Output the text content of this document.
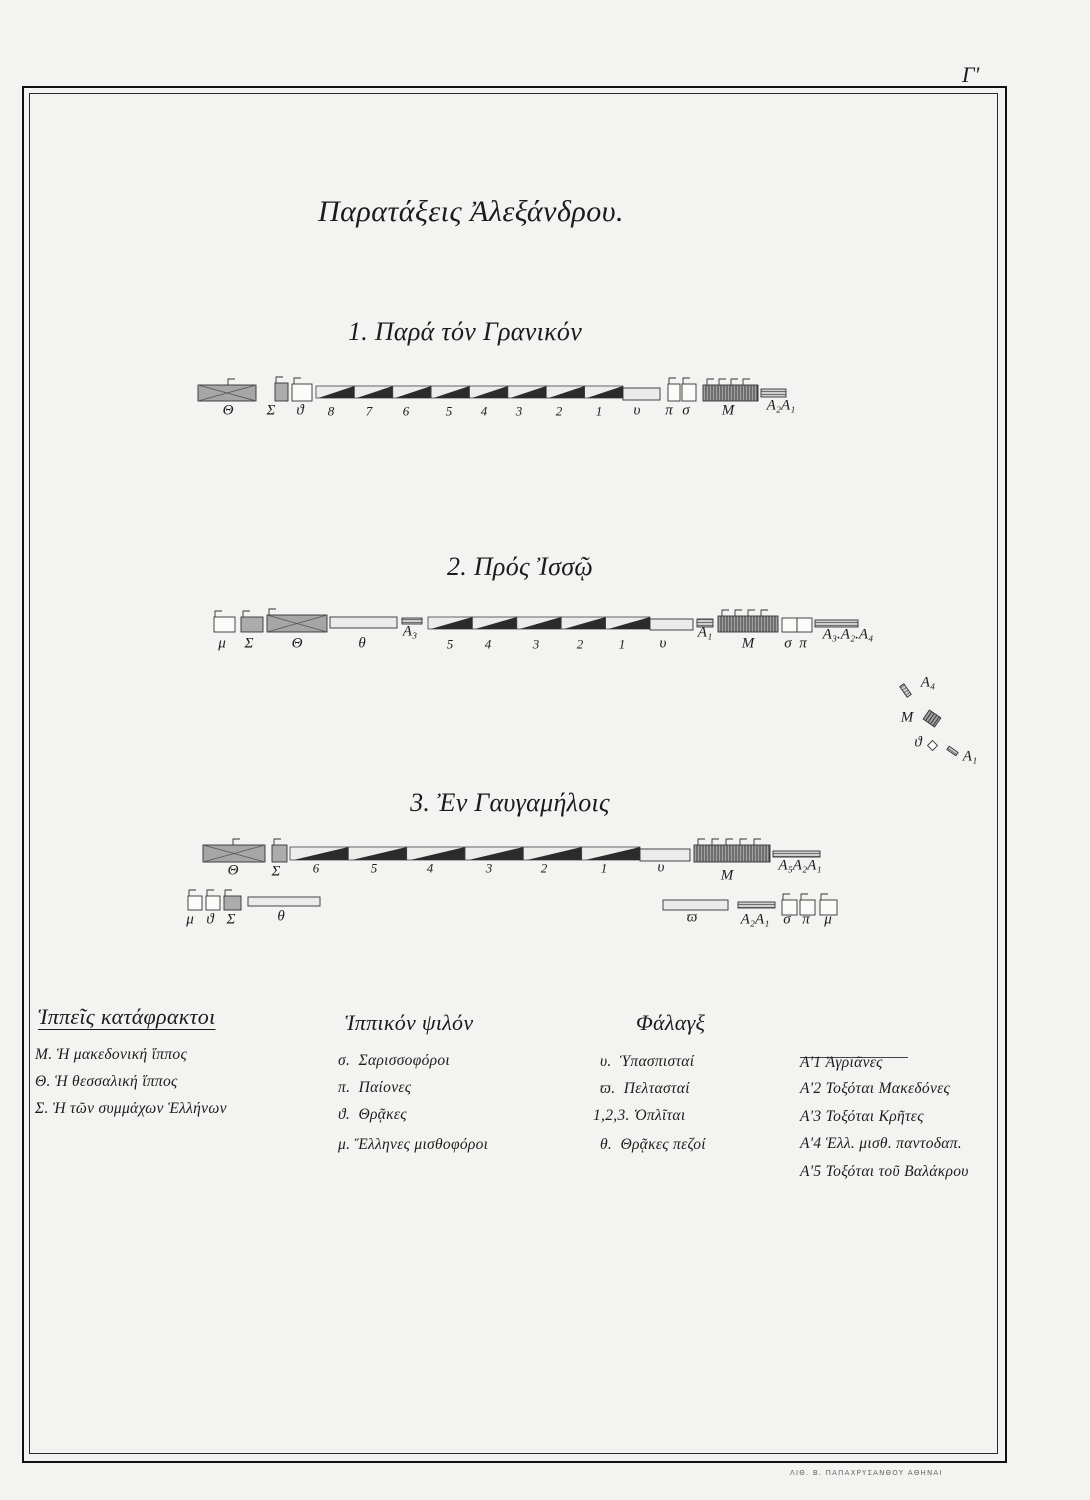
Γ'
Παρατάξεις Ἀλεξάνδρου.
1. Παρά τόν Γρανικόν
2. Πρός Ἰσσῷ
3. Ἐν Γαυγαμήλοις
Θ Σ ϑ 8 7 6	5 4 3	2	1 υ π σ Μ Α₂Α₁
μ Σ	Θ	θ
Α₃
5 4	3	2	1 υ
Α₁
Μ σ π
Α₃.Α₂.Α₄
Α₄
Μ
ϑ
Α₁
Θ Σ 6	5	4	3	2	1	υ	Μ
Α₅Α₂Α₁
μ ϑ Σ	θ	ϖ	Α₂Α₁ σ π μ
Ἱππεῖς κατάφρακτοι
Μ. Ἡ μακεδονική ἵππος
Θ. Ἡ θεσσαλική ἵππος
Σ. Ἡ τῶν συμμάχων Ἑλλήνων
Ἱππικόν ψιλόν
σ. Σαρισσοφόροι
π. Παίονες
ϑ. Θρᾷκες
μ. Ἕλληνες μισθοφόροι
Φάλαγξ
υ. Ὑπασπισταί
ϖ. Πελτασταί
1,2,3. Ὁπλῖται
θ. Θρᾷκες πεζοί
Α'1 Ἀγριᾶνες
Α'2 Τοξόται Μακεδόνες
Α'3 Τοξόται Κρῆτες
Α'4 Ἑλλ. μισθ. παντοδαπ.
Α'5 Τοξόται τοῦ Βαλάκρου
ΛΙΘ. Β. ΠΑΠΑΧΡΥΣΑΝΘΟΥ ΑΘΗΝΑΙ
